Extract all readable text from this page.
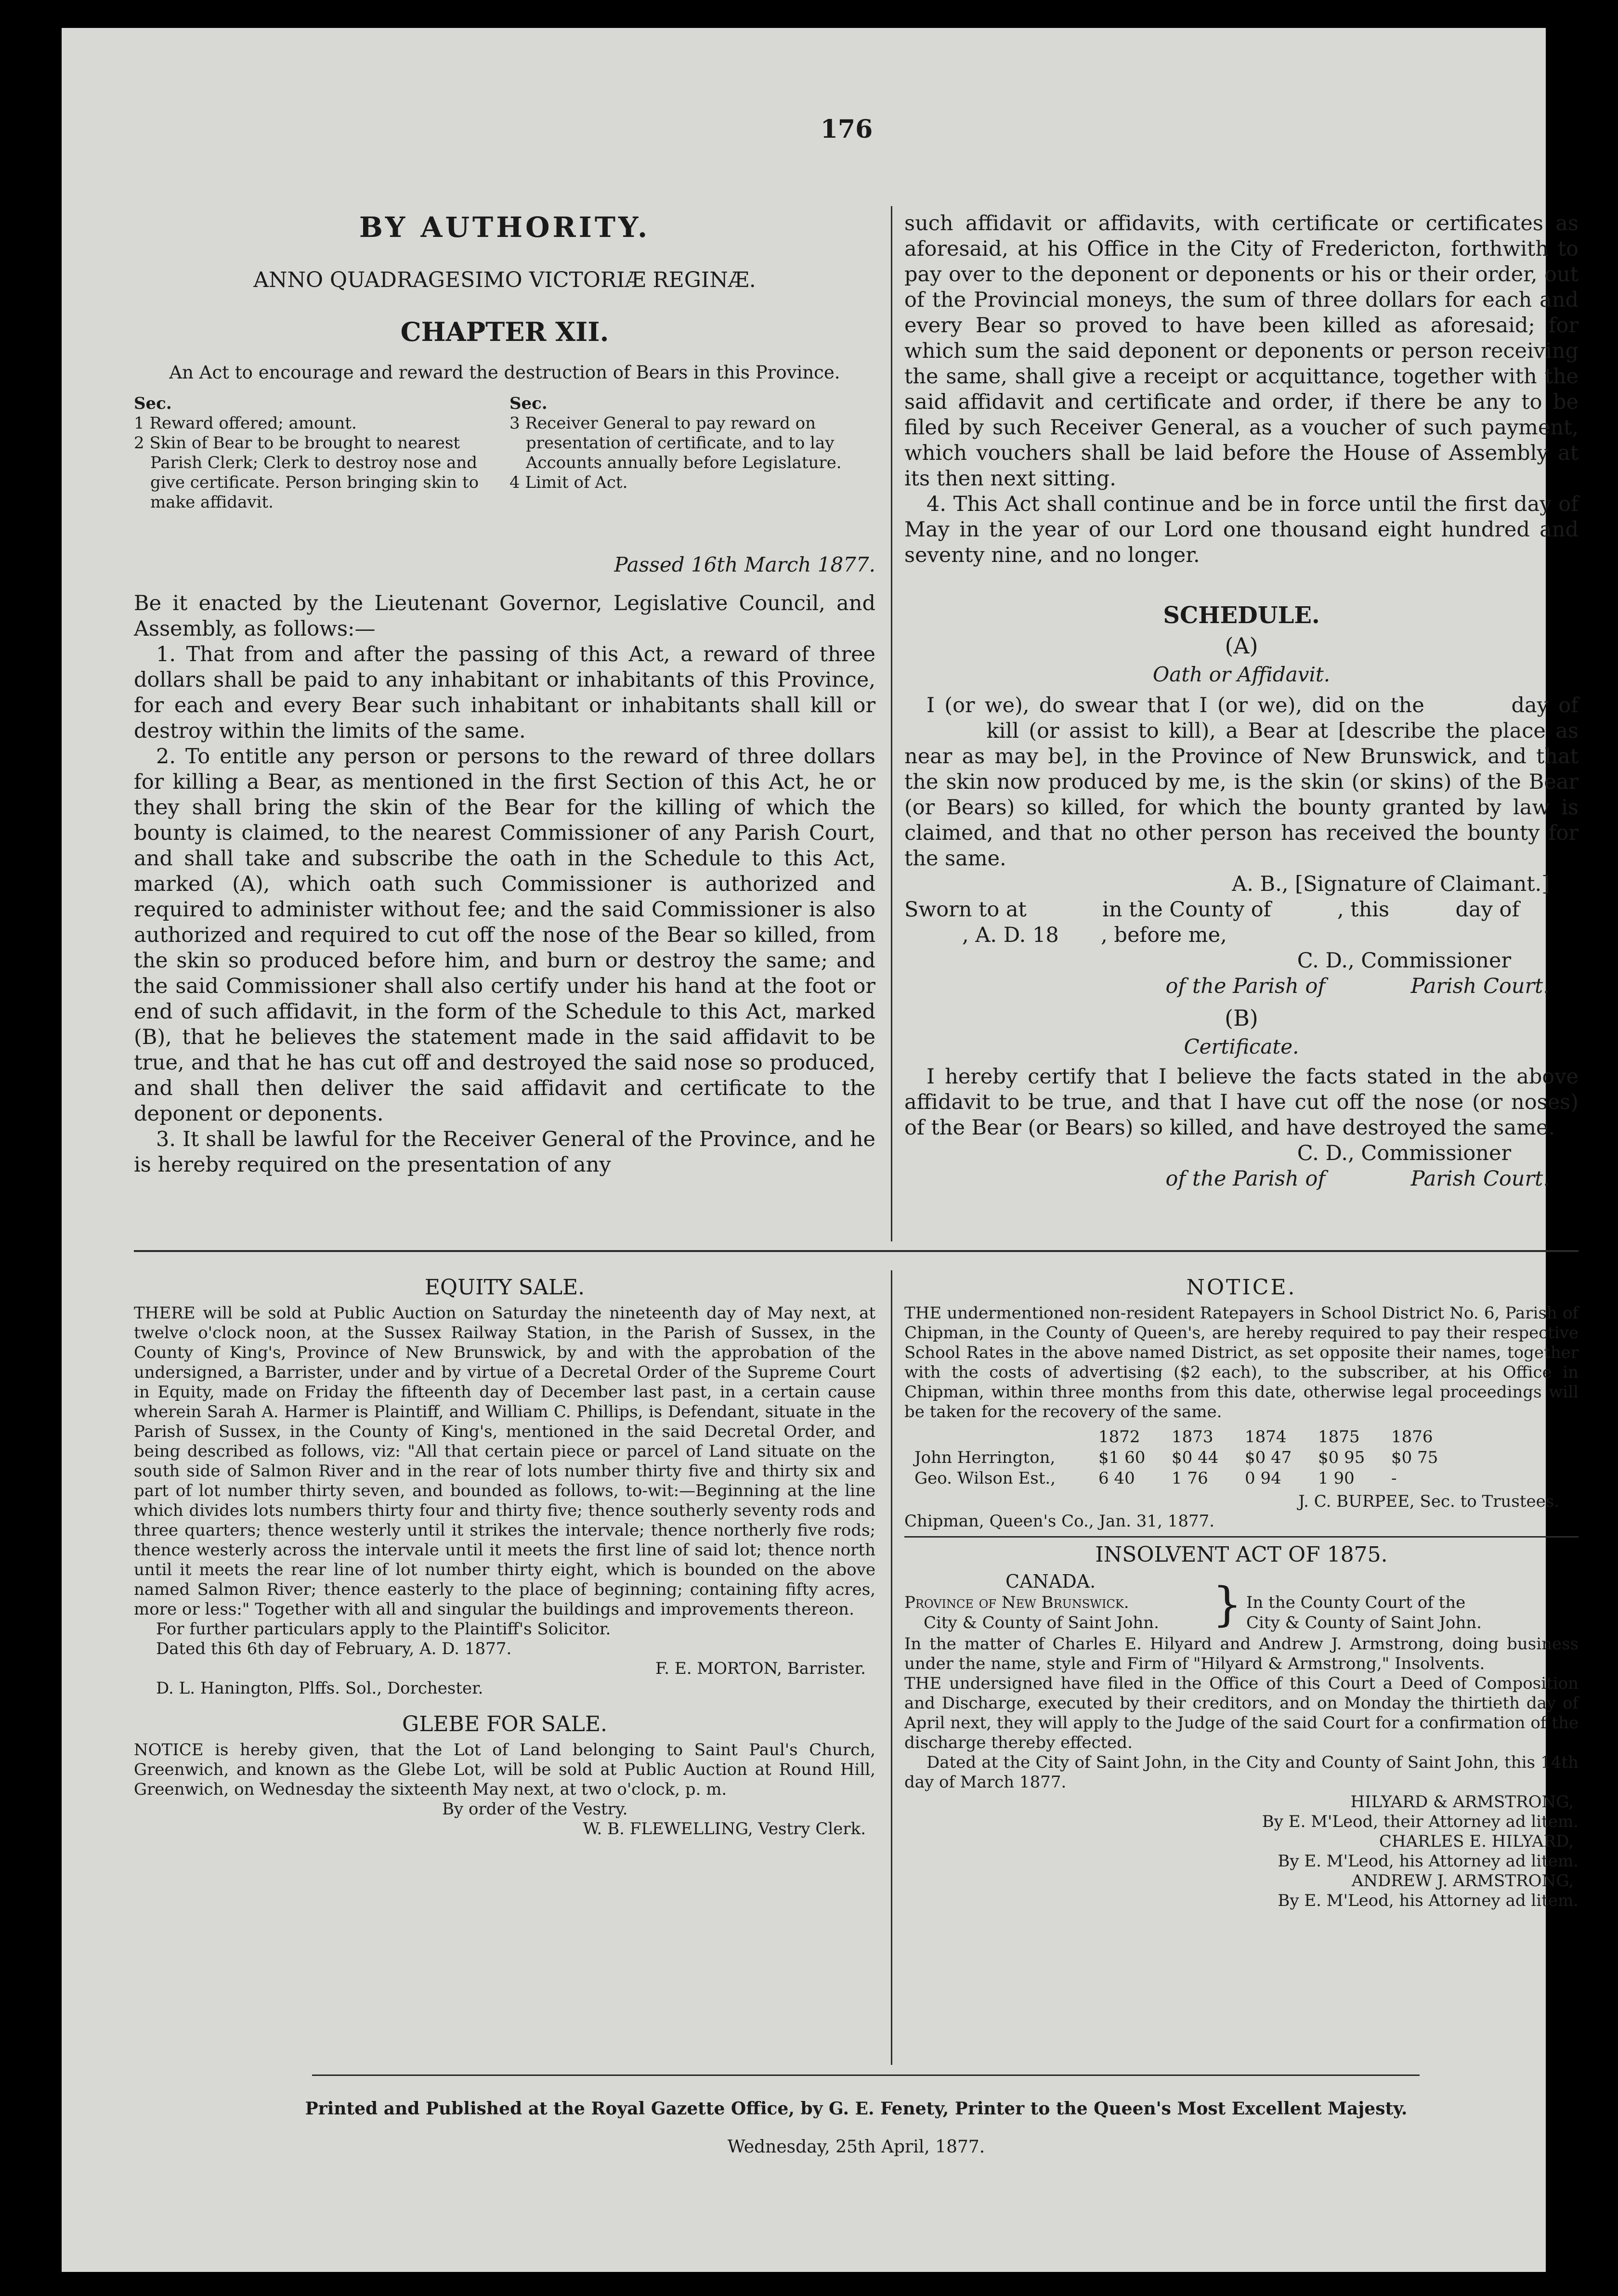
176
BY AUTHORITY.
ANNO QUADRAGESIMO VICTORIÆ REGINÆ.
CHAPTER XII.
An Act to encourage and reward the destruction of Bears in this Province.
Sec.
1 Reward offered; amount.
2 Skin of Bear to be brought to nearest Parish Clerk; Clerk to destroy nose and give certificate. Person bringing skin to make affidavit.
Sec.
3 Receiver General to pay reward on presentation of certificate, and to lay Accounts annually before Legislature.
4 Limit of Act.
Passed 16th March 1877.

Be it enacted by the Lieutenant Governor, Legislative Council, and Assembly, as follows:—

1. That from and after the passing of this Act, a reward of three dollars shall be paid to any inhabitant or inhabitants of this Province, for each and every Bear such inhabitant or inhabitants shall kill or destroy within the limits of the same.

2. To entitle any person or persons to the reward of three dollars for killing a Bear, as mentioned in the first Section of this Act, he or they shall bring the skin of the Bear for the killing of which the bounty is claimed, to the nearest Commissioner of any Parish Court, and shall take and subscribe the oath in the Schedule to this Act, marked (A), which oath such Commissioner is authorized and required to administer without fee; and the said Commissioner is also authorized and required to cut off the nose of the Bear so killed, from the skin so produced before him, and burn or destroy the same; and the said Commissioner shall also certify under his hand at the foot or end of such affidavit, in the form of the Schedule to this Act, marked (B), that he believes the statement made in the said affidavit to be true, and that he has cut off and destroyed the said nose so produced, and shall then deliver the said affidavit and certificate to the deponent or deponents.

3. It shall be lawful for the Receiver General of the Province, and he is hereby required on the presentation of any

such affidavit or affidavits, with certificate or certificates as aforesaid, at his Office in the City of Fredericton, forthwith to pay over to the deponent or deponents or his or their order, out of the Provincial moneys, the sum of three dollars for each and every Bear so proved to have been killed as aforesaid; for which sum the said deponent or deponents or person receiving the same, shall give a receipt or acquittance, together with the said affidavit and certificate and order, if there be any to be filed by such Receiver General, as a voucher of such payment, which vouchers shall be laid before the House of Assembly at its then next sitting.

4. This Act shall continue and be in force until the first day of May in the year of our Lord one thousand eight hundred and seventy nine, and no longer.

SCHEDULE.
(A)
Oath or Affidavit.

I (or we), do swear that I (or we), did on the	day of  kill (or assist to kill), a Bear at [describe the place as near as may be], in the Province of New Brunswick, and that the skin now produced by me, is the skin (or skins) of the Bear (or Bears) so killed, for which the bounty granted by law is claimed, and that no other person has received the bounty for the same.

A. B., [Signature of Claimant.]

Sworn to at	in the County of	, this	day of

, A. D. 18 , before me,

C. D., Commissioner

of the Parish of	Parish Court.

(B)
Certificate.

I hereby certify that I believe the facts stated in the above affidavit to be true, and that I have cut off the nose (or noses) of the Bear (or Bears) so killed, and have destroyed the same.

C. D., Commissioner

of the Parish of	Parish Court.

EQUITY SALE.

THERE will be sold at Public Auction on Saturday the nineteenth day of May next, at twelve o'clock noon, at the Sussex Railway Station, in the Parish of Sussex, in the County of King's, Province of New Brunswick, by and with the approbation of the undersigned, a Barrister, under and by virtue of a Decretal Order of the Supreme Court in Equity, made on Friday the fifteenth day of December last past, in a certain cause wherein Sarah A. Harmer is Plaintiff, and William C. Phillips, is Defendant, situate in the Parish of Sussex, in the County of King's, mentioned in the said Decretal Order, and being described as follows, viz: "All that certain piece or parcel of Land situate on the south side of Salmon River and in the rear of lots number thirty five and thirty six and part of lot number thirty seven, and bounded as follows, to-wit:—Beginning at the line which divides lots numbers thirty four and thirty five; thence southerly seventy rods and three quarters; thence westerly until it strikes the intervale; thence northerly five rods; thence westerly across the intervale until it meets the first line of said lot; thence north until it meets the rear line of lot number thirty eight, which is bounded on the above named Salmon River; thence easterly to the place of beginning; containing fifty acres, more or less:" Together with all and singular the buildings and improvements thereon.

For further particulars apply to the Plaintiff's Solicitor.

Dated this 6th day of February, A. D. 1877.

F. E. MORTON, Barrister.

D. L. Hanington, Plffs. Sol., Dorchester.

GLEBE FOR SALE.

NOTICE is hereby given, that the Lot of Land belonging to Saint Paul's Church, Greenwich, and known as the Glebe Lot, will be sold at Public Auction at Round Hill, Greenwich, on Wednesday the sixteenth May next, at two o'clock, p. m.

By order of the Vestry.

W. B. FLEWELLING, Vestry Clerk.

NOTICE.

THE undermentioned non-resident Ratepayers in School District No. 6, Parish of Chipman, in the County of Queen's, are hereby required to pay their respective School Rates in the above named District, as set opposite their names, together with the costs of advertising ($2 each), to the subscriber, at his Office in Chipman, within three months from this date, otherwise legal proceedings will be taken for the recovery of the same.

	1872	1873	1874	1875	1876
John Herrington,	$1 60	$0 44	$0 47	$0 95	$0 75
Geo. Wilson Est.,	6 40	1 76	0 94	1 90	-

J. C. BURPEE, Sec. to Trustees.

Chipman, Queen's Co., Jan. 31, 1877.

INSOLVENT ACT OF 1875.
CANADA.
Province of New Brunswick.
City & County of Saint John. } In the County Court of the
City & County of Saint John.

In the matter of Charles E. Hilyard and Andrew J. Armstrong, doing business under the name, style and Firm of "Hilyard & Armstrong," Insolvents.

THE undersigned have filed in the Office of this Court a Deed of Composition and Discharge, executed by their creditors, and on Monday the thirtieth day of April next, they will apply to the Judge of the said Court for a confirmation of the discharge thereby effected.

Dated at the City of Saint John, in the City and County of Saint John, this 14th day of March 1877.

HILYARD & ARMSTRONG,

By E. M'Leod, their Attorney ad litem.

CHARLES E. HILYARD,

By E. M'Leod, his Attorney ad litem.

ANDREW J. ARMSTRONG,

By E. M'Leod, his Attorney ad litem.

Printed and Published at the Royal Gazette Office, by G. E. Fenety, Printer to the Queen's Most Excellent Majesty.
Wednesday, 25th April, 1877.
